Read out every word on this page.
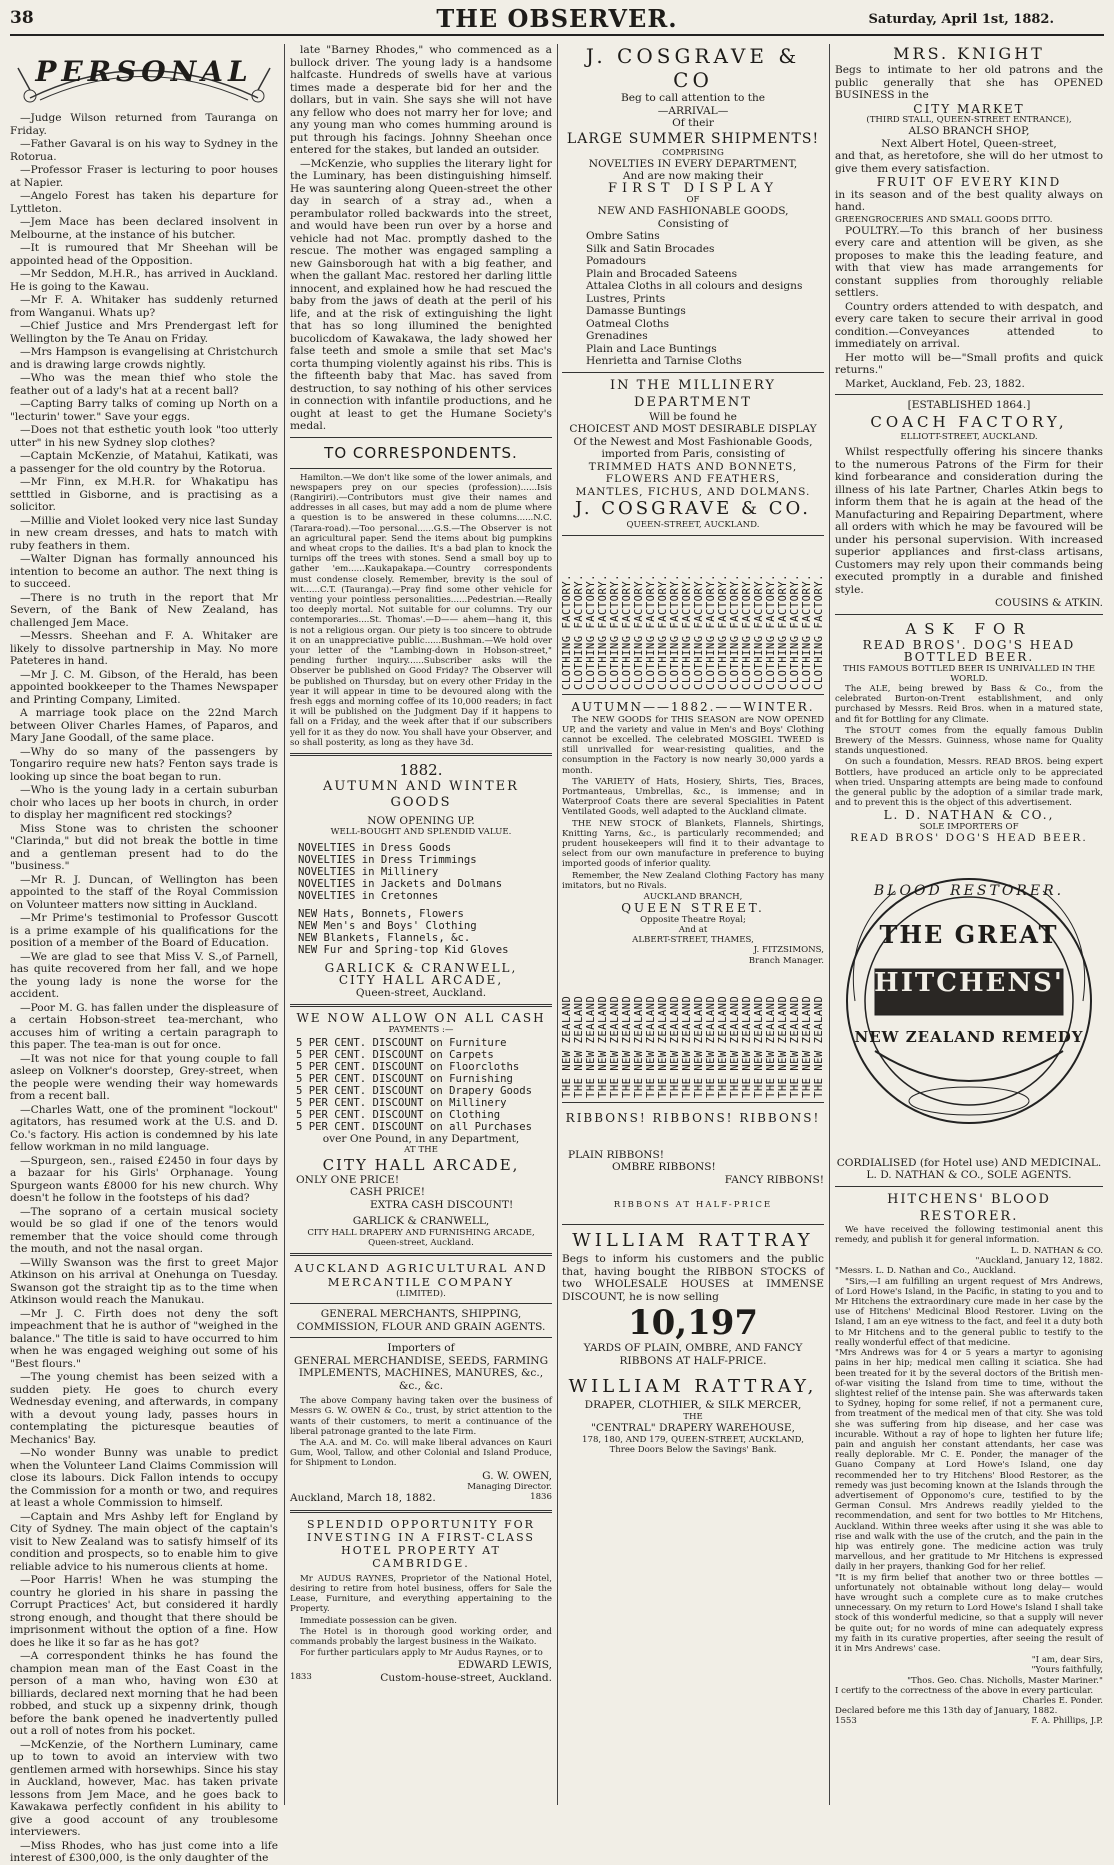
38	THE OBSERVER.	Saturday, April 1st, 1882.
PERSONAL

—Judge Wilson returned from Tauranga on Friday.

—Father Gavaral is on his way to Sydney in the Rotorua.

—Professor Fraser is lecturing to poor houses at Napier.

—Angelo Forest has taken his departure for Lyttleton.

—Jem Mace has been declared insolvent in Melbourne, at the instance of his butcher.

—It is rumoured that Mr Sheehan will be appointed head of the Opposition.

—Mr Seddon, M.H.R., has arrived in Auckland. He is going to the Kawau.

—Mr F. A. Whitaker has suddenly returned from Wanganui. Whats up?

—Chief Justice and Mrs Prendergast left for Wellington by the Te Anau on Friday.

—Mrs Hampson is evangelising at Christchurch and is drawing large crowds nightly.

—Who was the mean thief who stole the feather out of a lady's hat at a recent ball?

—Capting Barry talks of coming up North on a "lecturin' tower." Save your eggs.

—Does not that esthetic youth look "too utterly utter" in his new Sydney slop clothes?

—Captain McKenzie, of Matahui, Katikati, was a passenger for the old country by the Rotorua.

—Mr Finn, ex M.H.R. for Whakatipu has setttled in Gisborne, and is practising as a solicitor.

—Millie and Violet looked very nice last Sunday in new cream dresses, and hats to match with ruby feathers in them.

—Walter Dignan has formally announced his intention to become an author. The next thing is to succeed.

—There is no truth in the report that Mr Severn, of the Bank of New Zealand, has challenged Jem Mace.

—Messrs. Sheehan and F. A. Whitaker are likely to dissolve partnership in May. No more Pateteres in hand.

—Mr J. C. M. Gibson, of the Herald, has been appointed bookkeeper to the Thames Newspaper and Printing Company, Limited.

A marriage took place on the 22nd March between Oliver Charles Hames, of Paparos, and Mary Jane Goodall, of the same place.

—Why do so many of the passengers by Tongariro require new hats? Fenton says trade is looking up since the boat began to run.

—Who is the young lady in a certain suburban choir who laces up her boots in church, in order to display her magnificent red stockings?

Miss Stone was to christen the schooner "Clarinda," but did not break the bottle in time and a gentleman present had to do the "business."

—Mr R. J. Duncan, of Wellington has been appointed to the staff of the Royal Commission on Volunteer matters now sitting in Auckland.

—Mr Prime's testimonial to Professor Guscott is a prime example of his qualifications for the position of a member of the Board of Education.

—We are glad to see that Miss V. S.,of Parnell, has quite recovered from her fall, and we hope the young lady is none the worse for the accident.

—Poor M. G. has fallen under the displeasure of a certain Hobson-street tea-merchant, who accuses him of writing a certain paragraph to this paper. The tea-man is out for once.

—It was not nice for that young couple to fall asleep on Volkner's doorstep, Grey-street, when the people were wending their way homewards from a recent ball.

—Charles Watt, one of the prominent "lockout" agitators, has resumed work at the U.S. and D. Co.'s factory. His action is condemned by his late fellow workman in no mild language.

—Spurgeon, sen., raised £2450 in four days by a bazaar for his Girls' Orphanage. Young Spurgeon wants £8000 for his new church. Why doesn't he follow in the footsteps of his dad?

—The soprano of a certain musical society would be so glad if one of the tenors would remember that the voice should come through the mouth, and not the nasal organ.

—Willy Swanson was the first to greet Major Atkinson on his arrival at Onehunga on Tuesday. Swanson got the straight tip as to the time when Atkinson would reach the Manukau.

—Mr J. C. Firth does not deny the soft impeachment that he is author of "weighed in the balance." The title is said to have occurred to him when he was engaged weighing out some of his "Best flours."

—The young chemist has been seized with a sudden piety. He goes to church every Wednesday evening, and afterwards, in company with a devout young lady, passes hours in contemplating the picturesque beauties of Mechanics' Bay.

—No wonder Bunny was unable to predict when the Volunteer Land Claims Commission will close its labours. Dick Fallon intends to occupy the Commission for a month or two, and requires at least a whole Commission to himself.

—Captain and Mrs Ashby left for England by City of Sydney. The main object of the captain's visit to New Zealand was to satisfy himself of its condition and prospects, so to enable him to give reliable advice to his numerous clients at home.

—Poor Harris! When he was stumping the country he gloried in his share in passing the Corrupt Practices' Act, but considered it hardly strong enough, and thought that there should be imprisonment without the option of a fine. How does he like it so far as he has got?

—A correspondent thinks he has found the champion mean man of the East Coast in the person of a man who, having won £30 at billiards, declared next morning that he had been robbed, and stuck up a sixpenny drink, though before the bank opened he inadvertently pulled out a roll of notes from his pocket.

—McKenzie, of the Northern Luminary, came up to town to avoid an interview with two gentlemen armed with horsewhips. Since his stay in Auckland, however, Mac. has taken private lessons from Jem Mace, and he goes back to Kawakawa perfectly confident in his ability to give a good account of any troublesome interviewers.

—Miss Rhodes, who has just come into a life interest of £300,000, is the only daughter of the

late "Barney Rhodes," who commenced as a bullock driver. The young lady is a handsome halfcaste. Hundreds of swells have at various times made a desperate bid for her and the dollars, but in vain. She says she will not have any fellow who does not marry her for love; and any young man who comes humming around is put through his facings. Johnny Sheehan once entered for the stakes, but landed an outsider.

—McKenzie, who supplies the literary light for the Luminary, has been distinguishing himself. He was sauntering along Queen-street the other day in search of a stray ad., when a perambulator rolled backwards into the street, and would have been run over by a horse and vehicle had not Mac. promptly dashed to the rescue. The mother was engaged sampling a new Gainsborough hat with a big feather, and when the gallant Mac. restored her darling little innocent, and explained how he had rescued the baby from the jaws of death at the peril of his life, and at the risk of extinguishing the light that has so long illumined the benighted bucolicdom of Kawakawa, the lady showed her false teeth and smole a smile that set Mac's corta thumping violently against his ribs. This is the fifteenth baby that Mac. has saved from destruction, to say nothing of his other services in connection with infantile productions, and he ought at least to get the Humane Society's medal.

TO CORRESPONDENTS.

Hamilton.—We don't like some of the lower animals, and newspapers prey on our species (profession)......Isis (Rangiriri).—Contributors must give their names and addresses in all cases, but may add a nom de plume where a question is to be answered in these columns......N.C. (Tarara-road).—Too personal......G.S.—The Observer is not an agricultural paper. Send the items about big pumpkins and wheat crops to the dailies. It's a bad plan to knock the turnips off the trees with stones. Send a small boy up to gather 'em......Kaukapakapa.—Country correspondents must condense closely. Remember, brevity is the soul of wit......C.T. (Tauranga).—Pray find some other vehicle for venting your pointless personalities......Pedestrian.—Really too deeply mortal. Not suitable for our columns. Try our contemporaries....St. Thomas'.—D—— ahem—hang it, this is not a religious organ. Our piety is too sincere to obtrude it on an unappreciative public......Bushman.—We hold over your letter of the "Lambing-down in Hobson-street," pending further inquiry......Subscriber asks will the Observer be published on Good Friday? The Observer will be published on Thursday, but on every other Friday in the year it will appear in time to be devoured along with the fresh eggs and morning coffee of its 10,000 readers; in fact it will be published on the Judgment Day if it happens to fall on a Friday, and the week after that if our subscribers yell for it as they do now. You shall have your Observer, and so shall posterity, as long as they have 3d.

1882.
AUTUMN AND WINTER GOODS
NOW OPENING UP.
WELL-BOUGHT AND SPLENDID VALUE.
NOVELTIES in Dress Goods
NOVELTIES in Dress Trimmings
NOVELTIES in Millinery
NOVELTIES in Jackets and Dolmans
NOVELTIES in Cretonnes
NEW Hats, Bonnets, Flowers
NEW Men's and Boys' Clothing
NEW Blankets, Flannels, &c.
NEW Fur and Spring-top Kid Gloves
GARLICK & CRANWELL,
CITY HALL ARCADE,
Queen-street, Auckland.
WE NOW ALLOW ON ALL CASH
PAYMENTS :—
5 PER CENT. DISCOUNT on Furniture
5 PER CENT. DISCOUNT on Carpets
5 PER CENT. DISCOUNT on Floorcloths
5 PER CENT. DISCOUNT on Furnishing
5 PER CENT. DISCOUNT on Drapery Goods
5 PER CENT. DISCOUNT on Millinery
5 PER CENT. DISCOUNT on Clothing
5 PER CENT. DISCOUNT on all Purchases
over One Pound, in any Department,
AT THE
CITY HALL ARCADE,
ONLY ONE PRICE!
CASH PRICE!
EXTRA CASH DISCOUNT!
GARLICK & CRANWELL,
CITY HALL DRAPERY AND FURNISHING ARCADE,
Queen-street, Auckland.
AUCKLAND AGRICULTURAL AND MERCANTILE COMPANY
(LIMITED).
GENERAL MERCHANTS, SHIPPING, COMMISSION, FLOUR AND GRAIN AGENTS.
Importers of
GENERAL MERCHANDISE, SEEDS, FARMING IMPLEMENTS, MACHINES, MANURES, &c., &c., &c.

The above Company having taken over the business of Messrs G. W. OWEN & Co., trust, by strict attention to the wants of their customers, to merit a continuance of the liberal patronage granted to the late Firm.

The A.A. and M. Co. will make liberal advances on Kauri Gum, Wool, Tallow, and other Colonial and Island Produce, for Shipment to London.

G. W. OWEN,
Managing Director.
Auckland, March 18, 1882.	1836
SPLENDID OPPORTUNITY FOR INVESTING IN A FIRST-CLASS HOTEL PROPERTY AT CAMBRIDGE.

Mr AUDUS RAYNES, Proprietor of the National Hotel, desiring to retire from hotel business, offers for Sale the Lease, Furniture, and everything appertaining to the Property.

Immediate possession can be given.

The Hotel is in thorough good working order, and commands probably the largest business in the Waikato.

For further particulars apply to Mr Audus Raynes, or to

EDWARD LEWIS,
1833	Custom-house-street, Auckland.
J. COSGRAVE & CO
Beg to call attention to the
—ARRIVAL—
Of their
LARGE SUMMER SHIPMENTS!
COMPRISING
NOVELTIES IN EVERY DEPARTMENT,
And are now making their
FIRST DISPLAY
OF
NEW AND FASHIONABLE GOODS,
Consisting of
Ombre Satins
Silk and Satin Brocades
Pomadours
Plain and Brocaded Sateens
Attalea Cloths in all colours and designs
Lustres, Prints
Damasse Buntings
Oatmeal Cloths
Grenadines
Plain and Lace Buntings
Henrietta and Tarnise Cloths
IN THE MILLINERY DEPARTMENT
Will be found he
CHOICEST AND MOST DESIRABLE DISPLAY
Of the Newest and Most Fashionable Goods, imported from Paris, consisting of
TRIMMED HATS AND BONNETS,
FLOWERS AND FEATHERS,
MANTLES, FICHUS, AND DOLMANS.
J. COSGRAVE & CO.
QUEEN-STREET, AUCKLAND.
CLOTHING FACTORY. CLOTHING FACTORY. CLOTHING FACTORY. CLOTHING FACTORY. CLOTHING FACTORY. CLOTHING FACTORY. CLOTHING FACTORY. CLOTHING FACTORY. CLOTHING FACTORY. CLOTHING FACTORY. CLOTHING FACTORY. CLOTHING FACTORY. CLOTHING FACTORY. CLOTHING FACTORY. CLOTHING FACTORY. CLOTHING FACTORY. CLOTHING FACTORY. CLOTHING FACTORY. CLOTHING FACTORY. CLOTHING FACTORY. CLOTHING FACTORY. CLOTHING FACTORY.
AUTUMN——1882.——WINTER.

The NEW GOODS for THIS SEASON are NOW OPENED UP, and the variety and value in Men's and Boys' Clothing cannot be excelled. The celebrated MOSGIEL TWEED is still unrivalled for wear-resisting qualities, and the consumption in the Factory is now nearly 30,000 yards a month.

The VARIETY of Hats, Hosiery, Shirts, Ties, Braces, Portmanteaus, Umbrellas, &c., is immense; and in Waterproof Coats there are several Specialities in Patent Ventilated Goods, well adapted to the Auckland climate.

THE NEW STOCK of Blankets, Flannels, Shirtings, Knitting Yarns, &c., is particularly recommended; and prudent housekeepers will find it to their advantage to select from our own manufacture in preference to buying imported goods of inferior quality.

Remember, the New Zealand Clothing Factory has many imitators, but no Rivals.

AUCKLAND BRANCH,
QUEEN STREET.
Opposite Theatre Royal;
And at
ALBERT-STREET, THAMES,
J. FITZSIMONS,
Branch Manager.
THE NEW ZEALAND THE NEW ZEALAND THE NEW ZEALAND THE NEW ZEALAND THE NEW ZEALAND THE NEW ZEALAND THE NEW ZEALAND THE NEW ZEALAND THE NEW ZEALAND THE NEW ZEALAND THE NEW ZEALAND THE NEW ZEALAND THE NEW ZEALAND THE NEW ZEALAND THE NEW ZEALAND THE NEW ZEALAND THE NEW ZEALAND THE NEW ZEALAND THE NEW ZEALAND THE NEW ZEALAND THE NEW ZEALAND THE NEW ZEALAND
RIBBONS! RIBBONS! RIBBONS!
PLAIN RIBBONS!
OMBRE RIBBONS!
FANCY RIBBONS!
RIBBONS AT HALF-PRICE
WILLIAM RATTRAY

Begs to inform his customers and the public that, having bought the RIBBON STOCKS of two WHOLESALE HOUSES at IMMENSE DISCOUNT, he is now selling

10,197
YARDS OF PLAIN, OMBRE, AND FANCY RIBBONS AT HALF-PRICE.
WILLIAM RATTRAY,
DRAPER, CLOTHIER, & SILK MERCER,
THE
"CENTRAL" DRAPERY WAREHOUSE,
178, 180, AND 179, QUEEN-STREET, AUCKLAND,
Three Doors Below the Savings' Bank.
MRS. KNIGHT

Begs to intimate to her old patrons and the public generally that she has OPENED BUSINESS in the

CITY MARKET
(THIRD STALL, QUEEN-STREET ENTRANCE),
ALSO BRANCH SHOP,
Next Albert Hotel, Queen-street,

and that, as heretofore, she will do her utmost to give them every satisfaction.

FRUIT OF EVERY KIND

in its season and of the best quality always on hand.

GREENGROCERIES AND SMALL GOODS DITTO.

POULTRY.—To this branch of her business every care and attention will be given, as she proposes to make this the leading feature, and with that view has made arrangements for constant supplies from thoroughly reliable settlers.

Country orders attended to with despatch, and every care taken to secure their arrival in good condition.—Conveyances attended to immediately on arrival.

Her motto will be—"Small profits and quick returns."

Market, Auckland, Feb. 23, 1882.
[ESTABLISHED 1864.]
COACH FACTORY,
ELLIOTT-STREET, AUCKLAND.

Whilst respectfully offering his sincere thanks to the numerous Patrons of the Firm for their kind forbearance and consideration during the illness of his late Partner, Charles Atkin begs to inform them that he is again at the head of the Manufacturing and Repairing Department, where all orders with which he may be favoured will be under his personal supervision. With increased superior appliances and first-class artisans, Customers may rely upon their commands being executed promptly in a durable and finished style.

COUSINS & ATKIN.
ASK FOR
READ BROS'. DOG'S HEAD
BOTTLED BEER.
THIS FAMOUS BOTTLED BEER IS UNRIVALLED IN THE WORLD.

The ALE, being brewed by Bass & Co., from the celebrated Burton-on-Trent establishment, and only purchased by Messrs. Reid Bros. when in a matured state, and fit for Bottling for any Climate.

The STOUT comes from the equally famous Dublin Brewery of the Messrs. Guinness, whose name for Quality stands unquestioned.

On such a foundation, Messrs. READ BROS. being expert Bottlers, have produced an article only to be appreciated when tried. Unsparing attempts are being made to confound the general public by the adoption of a similar trade mark, and to prevent this is the object of this advertisement.

L. D. NATHAN & CO.,
SOLE IMPORTERS OF
READ BROS' DOG'S HEAD BEER.
BLOOD RESTORER.
THE GREAT
HITCHENS'
NEW ZEALAND REMEDY
CORDIALISED (for Hotel use) AND MEDICINAL.
L. D. NATHAN & CO., SOLE AGENTS.
HITCHENS' BLOOD RESTORER.

We have received the following testimonial anent this remedy, and publish it for general information.

L. D. NATHAN & CO.
"Auckland, January 12, 1882.
"Messrs. L. D. Nathan and Co., Auckland.

"Sirs,—I am fulfilling an urgent request of Mrs Andrews, of Lord Howe's Island, in the Pacific, in stating to you and to Mr Hitchens the extraordinary cure made in her case by the use of Hitchens' Medicinal Blood Restorer. Living on the Island, I am an eye witness to the fact, and feel it a duty both to Mr Hitchens and to the general public to testify to the really wonderful effect of that medicine.
"Mrs Andrews was for 4 or 5 years a martyr to agonising pains in her hip; medical men calling it sciatica. She had been treated for it by the several doctors of the British men-of-war visiting the Island from time to time, without the slightest relief of the intense pain. She was afterwards taken to Sydney, hoping for some relief, if not a permanent cure, from treatment of the medical men of that city. She was told she was suffering from hip disease, and her case was incurable. Without a ray of hope to lighten her future life; pain and anguish her constant attendants, her case was really deplorable. Mr C. E. Ponder, the manager of the Guano Company at Lord Howe's Island, one day recommended her to try Hitchens' Blood Restorer, as the remedy was just becoming known at the Islands through the advertisement of Opponomo's cure, testified to by the German Consul. Mrs Andrews readily yielded to the recommendation, and sent for two bottles to Mr Hitchens, Auckland. Within three weeks after using it she was able to rise and walk with the use of the crutch, and the pain in the hip was entirely gone. The medicine action was truly marvellous, and her gratitude to Mr Hitchens is expressed daily in her prayers, thanking God for her relief.
"It is my firm belief that another two or three bottles —unfortunately not obtainable without long delay— would have wrought such a complete cure as to make crutches unnecessary. On my return to Lord Howe's Island I shall take stock of this wonderful medicine, so that a supply will never be quite out; for no words of mine can adequately express my faith in its curative properties, after seeing the result of it in Mrs Andrews' case.

"I am, dear Sirs,
"Yours faithfully,
"Thos. Geo. Chas. Nicholls, Master Mariner."
I certify to the correctness of the above in every particular.
Charles E. Ponder.
Declared before me this 13th day of January, 1882.
1553	F. A. Phillips, J.P.
